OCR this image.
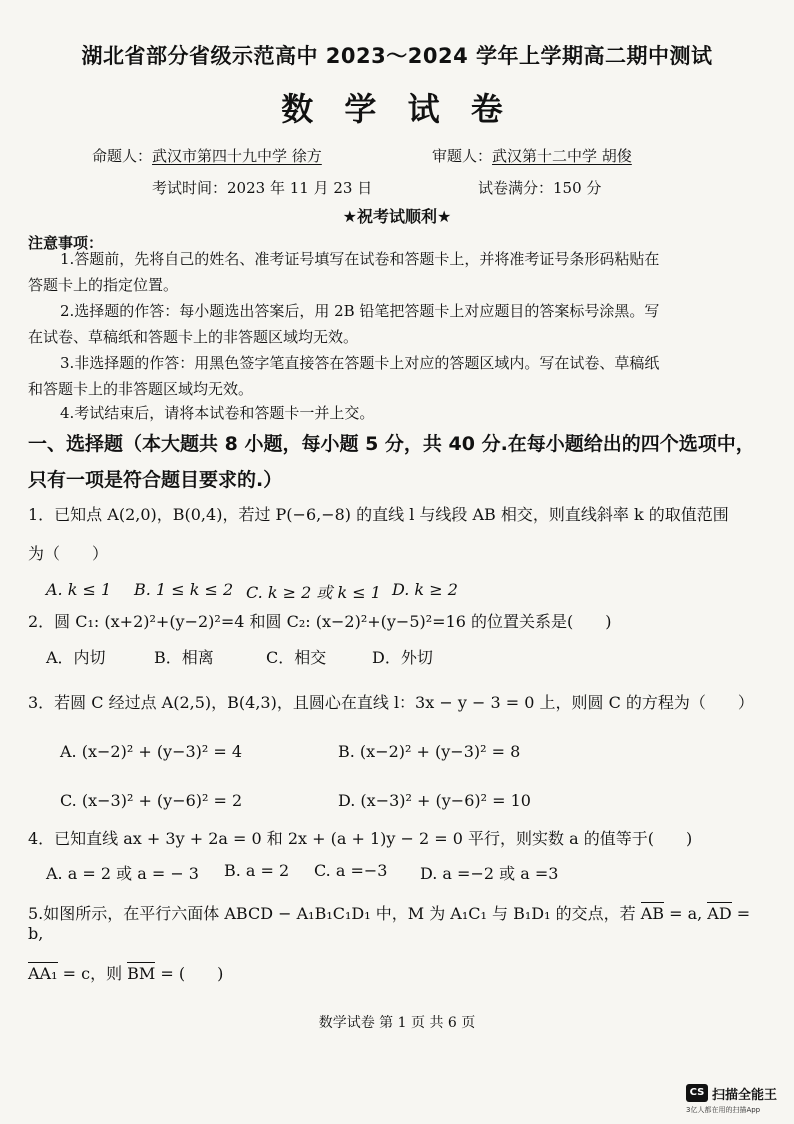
湖北省部分省级示范高中 2023～2024 学年上学期高二期中测试
数 学 试 卷
命题人：武汉市第四十九中学 徐方	审题人：武汉第十二中学 胡俊
考试时间：2023 年 11 月 23 日	试卷满分：150 分
★祝考试顺利★
注意事项：
1.答题前，先将自己的姓名、准考证号填写在试卷和答题卡上，并将准考证号条形码粘贴在
答题卡上的指定位置。
2.选择题的作答：每小题选出答案后，用 2B 铅笔把答题卡上对应题目的答案标号涂黑。写
在试卷、草稿纸和答题卡上的非答题区域均无效。
3.非选择题的作答：用黑色签字笔直接答在答题卡上对应的答题区域内。写在试卷、草稿纸
和答题卡上的非答题区域均无效。
4.考试结束后，请将本试卷和答题卡一并上交。
一、选择题（本大题共 8 小题，每小题 5 分，共 40 分.在每小题给出的四个选项中，
只有一项是符合题目要求的.）
1．已知点 A(2,0)，B(0,4)，若过 P(−6,−8) 的直线 l 与线段 AB 相交，则直线斜率 k 的取值范围
为（　　）
A. k ≤ 1 B. 1 ≤ k ≤ 2 C. k ≥ 2 或 k ≤ 1 D. k ≥ 2
2．圆 C₁: (x+2)²+(y−2)²=4 和圆 C₂: (x−2)²+(y−5)²=16 的位置关系是(　　)
A．内切	B．相离	C．相交	D．外切
3．若圆 C 经过点 A(2,5)，B(4,3)，且圆心在直线 l：3x − y − 3 = 0 上，则圆 C 的方程为（　　）
A. (x−2)² + (y−3)² = 4	B. (x−2)² + (y−3)² = 8
C. (x−3)² + (y−6)² = 2	D. (x−3)² + (y−6)² = 10
4．已知直线 ax + 3y + 2a = 0 和 2x + (a + 1)y − 2 = 0 平行，则实数 a 的值等于(　　)
A. a = 2 或 a = − 3 B. a = 2 C. a =−3 D. a =−2 或 a =3
5.如图所示，在平行六面体 ABCD − A₁B₁C₁D₁ 中，M 为 A₁C₁ 与 B₁D₁ 的交点，若 AB = a, AD = b,
AA₁ = c，则 BM = (　　)
数学试卷 第 1 页 共 6 页
CS 扫描全能王
3亿人都在用的扫描App
